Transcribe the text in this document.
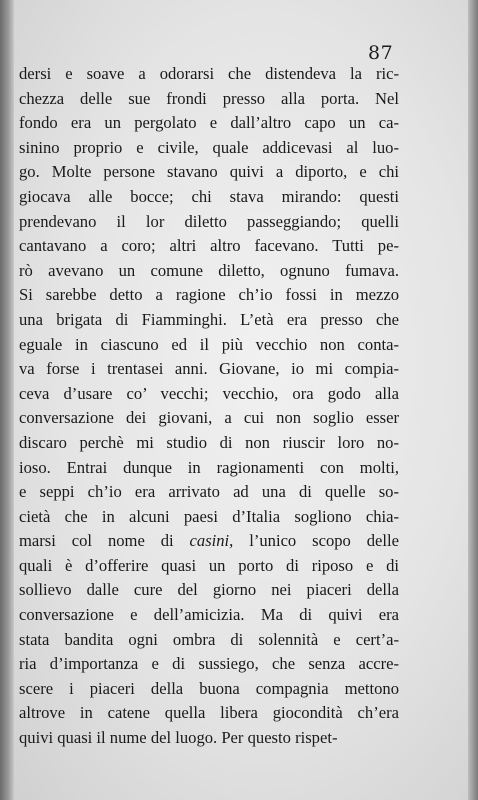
87
dersi e soave a odorarsi che distendeva la ric-
chezza delle sue frondi presso alla porta. Nel
fondo era un pergolato e dall’altro capo un ca-
sinino proprio e civile, quale addicevasi al luo-
go. Molte persone stavano quivi a diporto, e chi
giocava alle bocce; chi stava mirando: questi
prendevano il lor diletto passeggiando; quelli
cantavano a coro; altri altro facevano. Tutti pe-
rò avevano un comune diletto, ognuno fumava.
Si sarebbe detto a ragione ch’io fossi in mezzo
una brigata di Fiamminghi. L’età era presso che
eguale in ciascuno ed il più vecchio non conta-
va forse i trentasei anni. Giovane, io mi compia-
ceva d’usare co’ vecchi; vecchio, ora godo alla
conversazione dei giovani, a cui non soglio esser
discaro perchè mi studio di non riuscir loro no-
ioso. Entrai dunque in ragionamenti con molti,
e seppi ch’io era arrivato ad una di quelle so-
cietà che in alcuni paesi d’Italia sogliono chia-
marsi col nome di casini, l’unico scopo delle
quali è d’offerire quasi un porto di riposo e di
sollievo dalle cure del giorno nei piaceri della
conversazione e dell’amicizia. Ma di quivi era
stata bandita ogni ombra di solennità e cert’a-
ria d’importanza e di sussiego, che senza accre-
scere i piaceri della buona compagnia mettono
altrove in catene quella libera giocondità ch’era
quivi quasi il nume del luogo. Per questo rispet-
